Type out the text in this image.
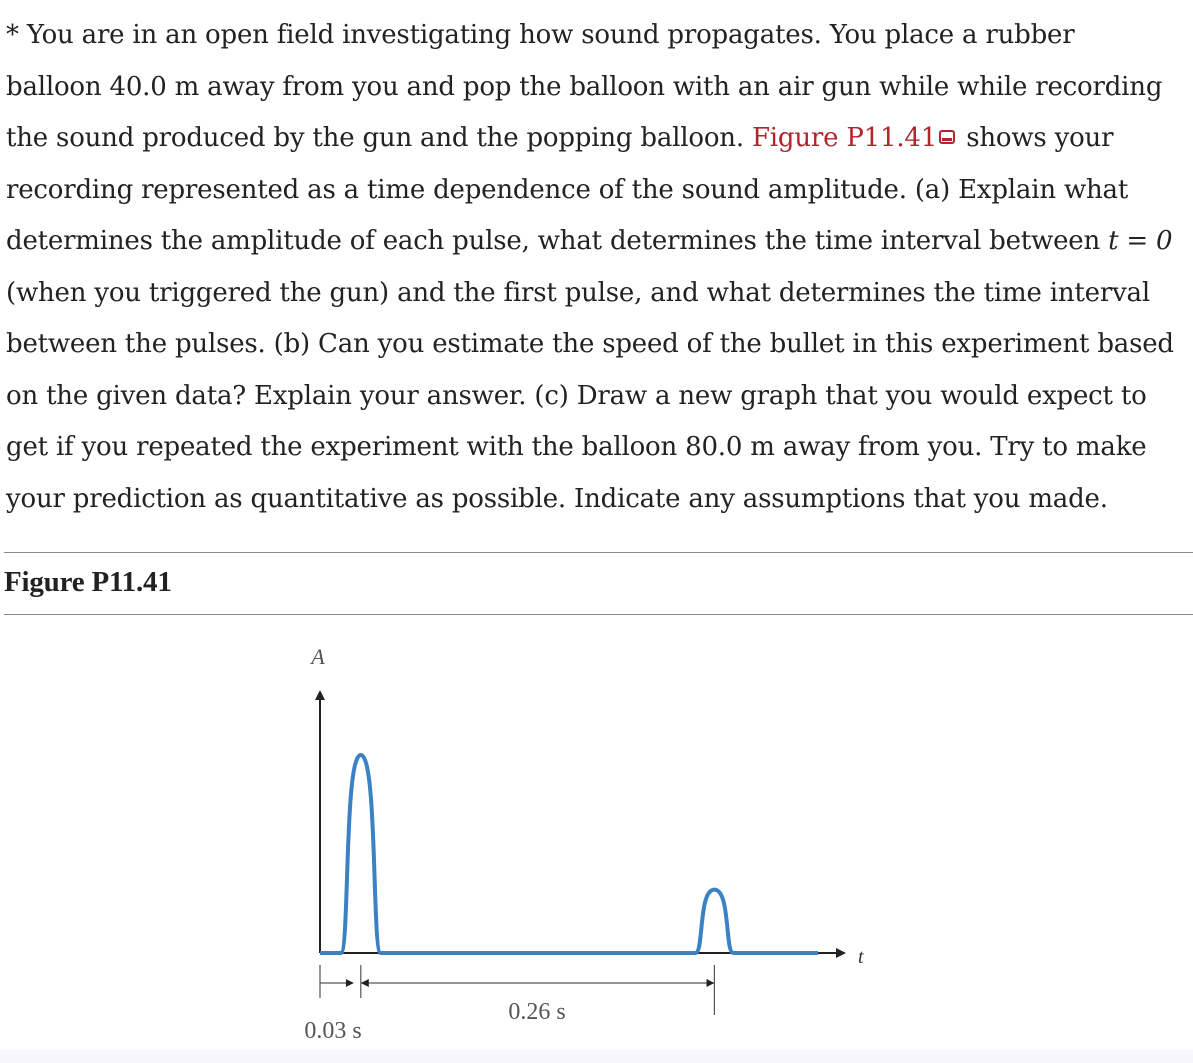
* You are in an open field investigating how sound propagates. You place a rubber balloon 40.0 m away from you and pop the balloon with an air gun while while recording the sound produced by the gun and the popping balloon. Figure P11.41 shows your recording represented as a time dependence of the sound amplitude. (a) Explain what determines the amplitude of each pulse, what determines the time interval between t = 0 (when you triggered the gun) and the first pulse, and what determines the time interval between the pulses. (b) Can you estimate the speed of the bullet in this experiment based on the given data? Explain your answer. (c) Draw a new graph that you would expect to get if you repeated the experiment with the balloon 80.0 m away from you. Try to make your prediction as quantitative as possible. Indicate any assumptions that you made.
Figure P11.41
A
t
0.03 s
0.26 s
